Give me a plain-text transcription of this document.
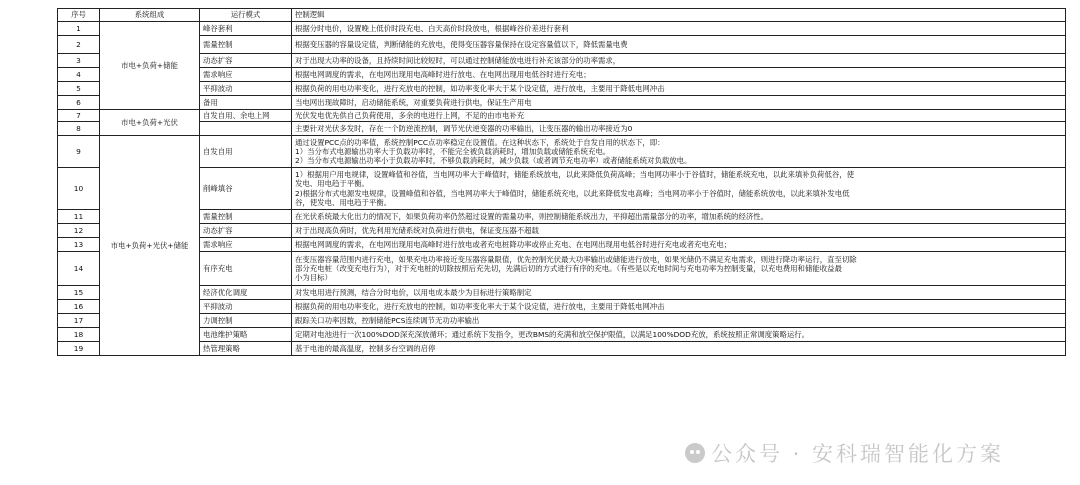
序号	系统组成	运行模式	控制逻辑
1	市电+负荷+储能	峰谷套利	根据分时电价，设置晚上低价时段充电、白天高价时段放电，根据峰谷价差进行套利

2		需量控制	根据变压器的容量设定值，判断储能的充放电，使得变压器容量保持在设定容量值以下，降低需量电费

3		动态扩容	对于出现大功率的设备，且持续时间比较短时，可以通过控制储能放电进行补充该部分的功率需求，

4		需求响应	根据电网调度的需求，在电网出现用电高峰时进行放电、在电网出现用电低谷时进行充电；

5		平抑波动	根据负荷的用电功率变化，进行充放电的控制，如功率变化率大于某个设定值，进行放电，主要用于降低电网冲击

6		备用	当电网出现故障时，启动储能系统，对重要负荷进行供电，保证生产用电

7	市电+负荷+光伏	自发自用、余电上网	光伏发电优先供自己负荷使用，多余的电进行上网，不足的由市电补充

8			主要针对光伏多发时，存在一个防逆流控制，调节光伏逆变器的功率输出，让变压器的输出功率接近为0

9	市电+负荷+光伏+储能	自发自用	通过设置PCC点的功率值，系统控制PCC点功率稳定在设置值。在这种状态下，系统处于自发自用的状态下，即：
1）当分布式电源输出功率大于负载功率时，不能完全被负载消耗时，增加负载或储能系统充电。
2）当分布式电源输出功率小于负载功率时，不够负载消耗时，减少负载（或者调节充电功率）或者储能系统对负载放电。

10		削峰填谷	1）根据用户用电规律，设置峰值和谷值，当电网功率大于峰值时，储能系统放电，以此来降低负荷高峰；当电网功率小于谷值时，储能系统充电，以此来填补负荷低谷，使
发电、用电趋于平衡。
2)根据分布式电源发电规律，设置峰值和谷值，当电网功率大于峰值时，储能系统充电，以此来降低发电高峰；当电网功率小于谷值时，储能系统放电，以此来填补发电低
谷，使发电、用电趋于平衡。

11		需量控制	在光伏系统最大化出力的情况下，如果负荷功率仍然超过设置的需量功率，则控制储能系统出力，平抑超出需量部分的功率，增加系统的经济性。

12		动态扩容	对于出现高负荷时，优先利用光储系统对负荷进行供电，保证变压器不超载

13		需求响应	根据电网调度的需求，在电网出现用电高峰时进行放电或者充电桩降功率或停止充电、在电网出现用电低谷时进行充电或者充电充电；

14		有序充电	在变压器容量范围内进行充电，如果充电功率接近变压器容量限值，优先控制光伏最大功率输出或储能进行放电，如果光储仍不满足充电需求，则进行降功率运行，直至切除
部分充电桩（改变充电行为），对于充电桩的切除按照后充先切，先满后切的方式进行有序的充电。（有些是以充电时间与充电功率为控制变量，以充电费用和储能收益最
小为目标）

15		经济优化调度	对发电用进行预测，结合分时电价，以用电成本最少为目标进行策略制定

16		平抑波动	根据负荷的用电功率变化，进行充放电的控制，如功率变化率大于某个设定值，进行放电，主要用于降低电网冲击

17		力调控制	跟踪关口功率因数，控制储能PCS连续调节无功功率输出

18		电池维护策略	定期对电池进行一次100%DOD深充深放循环；通过系统下发指令，更改BMS的充满和放空保护限值，以满足100%DOD充放，系统按照正常调度策略运行。

19		热管理策略	基于电池的最高温度，控制多台空调的启停
公众号 · 安科瑞智能化方案
